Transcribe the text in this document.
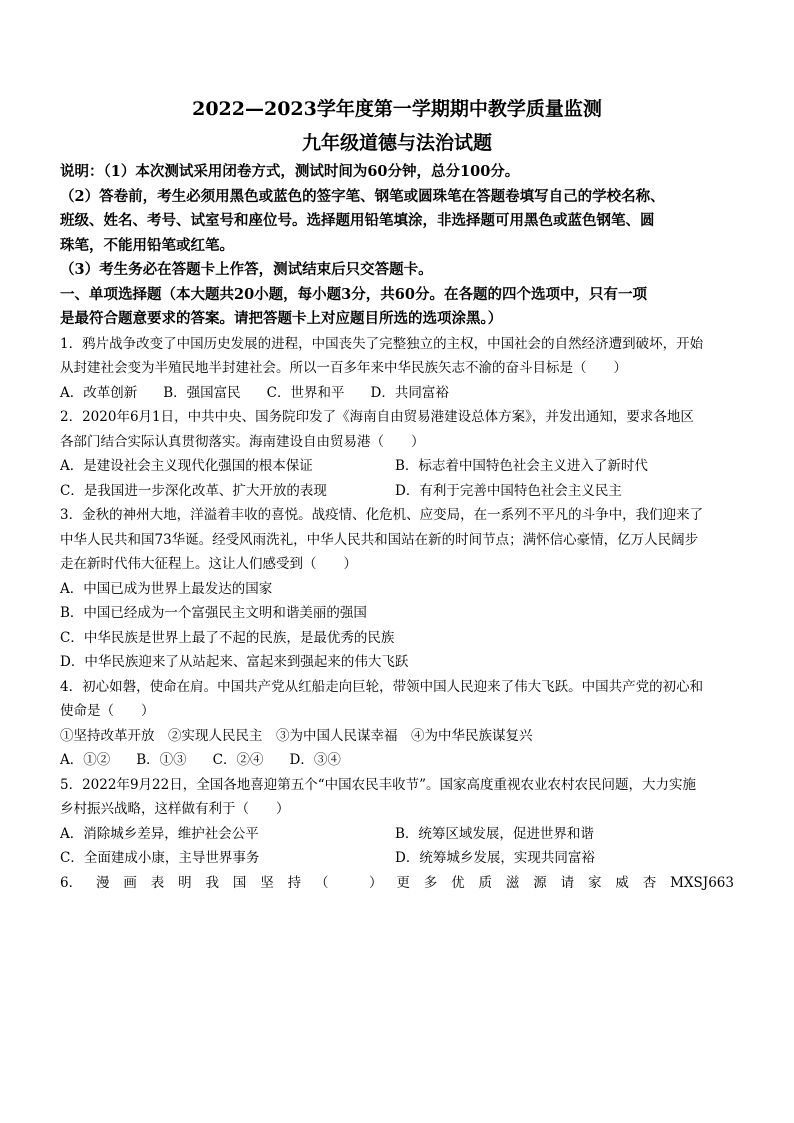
2022—2023学年度第一学期期中教学质量监测

九年级道德与法治试题

说明：（1）本次测试采用闭卷方式，测试时间为60分钟，总分100分。

（2）答卷前，考生必须用黑色或蓝色的签字笔、钢笔或圆珠笔在答题卷填写自己的学校名称、

班级、姓名、考号、试室号和座位号。选择题用铅笔填涂，非选择题可用黑色或蓝色钢笔、圆

珠笔，不能用铅笔或红笔。

（3）考生务必在答题卡上作答，测试结束后只交答题卡。

一、单项选择题（本大题共20小题，每小题3分，共60分。在各题的四个选项中，只有一项

是最符合题意要求的答案。请把答题卡上对应题目所选的选项涂黑。）

1．鸦片战争改变了中国历史发展的进程，中国丧失了完整独立的主权，中国社会的自然经济遭到破坏，开始

从封建社会变为半殖民地半封建社会。所以一百多年来中华民族矢志不渝的奋斗目标是（　　）

A．改革创新 B．强国富民 C．世界和平 D．共同富裕

2．2020年6月1日，中共中央、国务院印发了《海南自由贸易港建设总体方案》，并发出通知，要求各地区

各部门结合实际认真贯彻落实。海南建设自由贸易港（　　）

A．是建设社会主义现代化强国的根本保证	B．标志着中国特色社会主义进入了新时代
C．是我国进一步深化改革、扩大开放的表现	D．有利于完善中国特色社会主义民主

3．金秋的神州大地，洋溢着丰收的喜悦。战疫情、化危机、应变局，在一系列不平凡的斗争中，我们迎来了

中华人民共和国73华诞。经受风雨洗礼，中华人民共和国站在新的时间节点；满怀信心豪情，亿万人民阔步

走在新时代伟大征程上。这让人们感受到（　　）

A．中国已成为世界上最发达的国家

B．中国已经成为一个富强民主文明和谐美丽的强国

C．中华民族是世界上最了不起的民族，是最优秀的民族

D．中华民族迎来了从站起来、富起来到强起来的伟大飞跃

4．初心如磐，使命在肩。中国共产党从红船走向巨轮，带领中国人民迎来了伟大飞跃。中国共产党的初心和

使命是（　　）

①坚持改革开放　②实现人民民主　③为中国人民谋幸福　④为中华民族谋复兴

A．①② B．①③ C．②④ D．③④

5．2022年9月22日，全国各地喜迎第五个“中国农民丰收节”。国家高度重视农业农村农民问题，大力实施

乡村振兴战略，这样做有利于（　　）

A．消除城乡差异，维护社会公平	B．统筹区域发展，促进世界和谐
C．全面建成小康，主导世界事务	D．统筹城乡发展，实现共同富裕
6． 漫 画 表 明 我 国 坚 持 （　　　） 更 多 优 质 滋 源 请 家 威 杏 MXSJ663
